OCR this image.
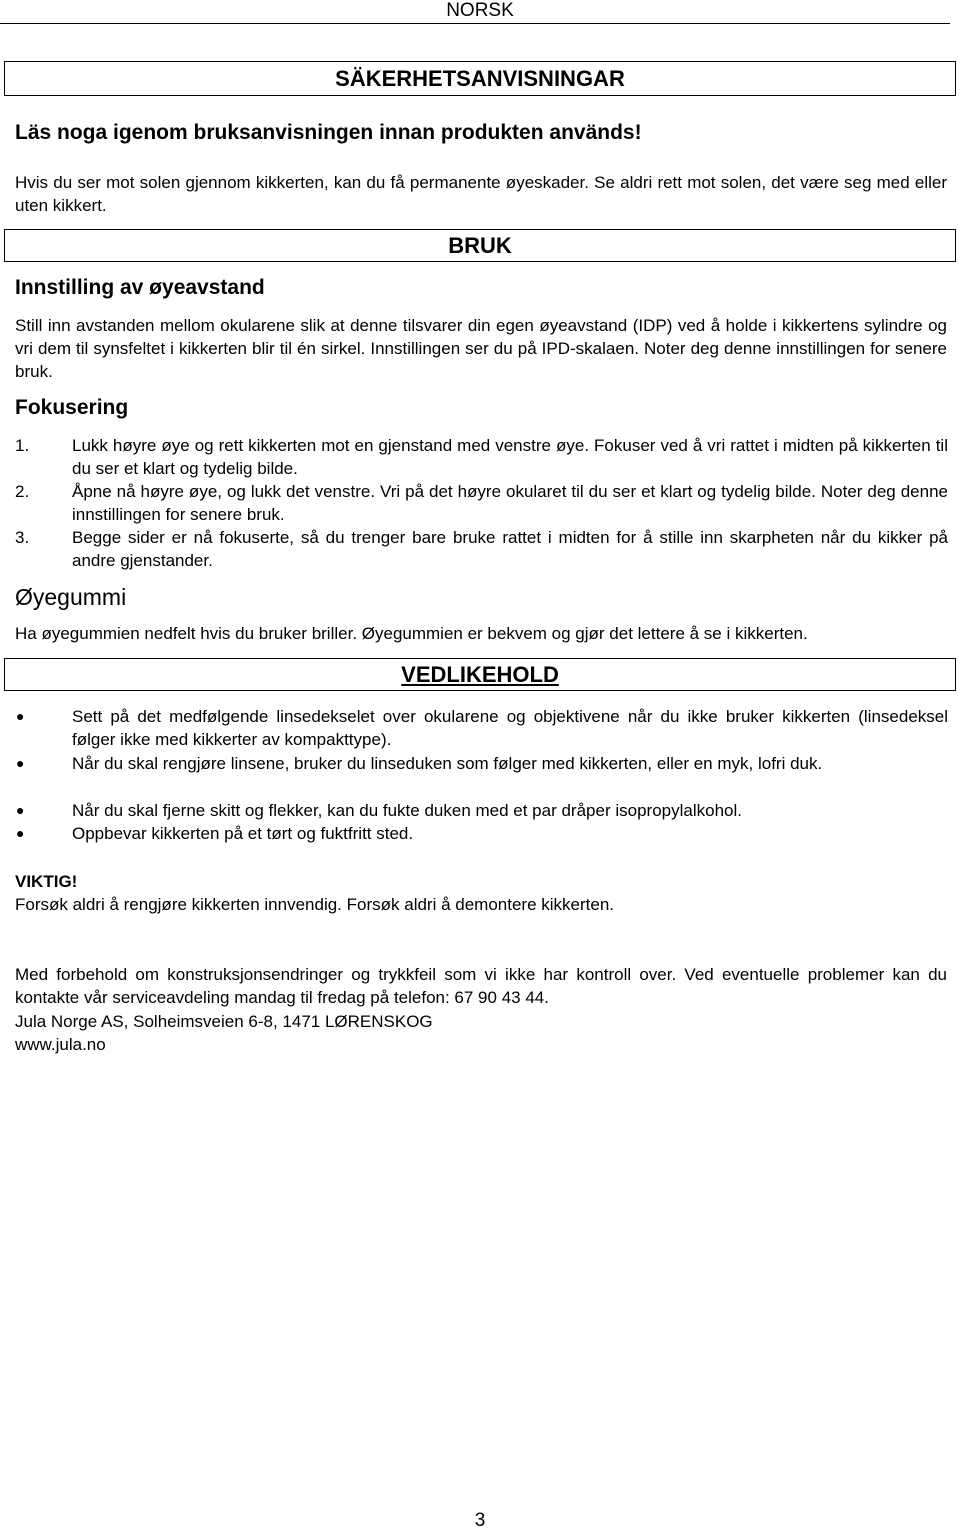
NORSK
SÄKERHETSANVISNINGAR
Läs noga igenom bruksanvisningen innan produkten används!
Hvis du ser mot solen gjennom kikkerten, kan du få permanente øyeskader. Se aldri rett mot solen, det være seg med eller uten kikkert.
BRUK
Innstilling av øyeavstand
Still inn avstanden mellom okularene slik at denne tilsvarer din egen øyeavstand (IDP) ved å holde i kikkertens sylindre og vri dem til synsfeltet i kikkerten blir til én sirkel. Innstillingen ser du på IPD-skalaen. Noter deg denne innstillingen for senere bruk.
Fokusering
1.	Lukk høyre øye og rett kikkerten mot en gjenstand med venstre øye. Fokuser ved å vri rattet i midten på kikkerten til du ser et klart og tydelig bilde.
2.	Åpne nå høyre øye, og lukk det venstre. Vri på det høyre okularet til du ser et klart og tydelig bilde. Noter deg denne innstillingen for senere bruk.
3.	Begge sider er nå fokuserte, så du trenger bare bruke rattet i midten for å stille inn skarpheten når du kikker på andre gjenstander.
Øyegummi
Ha øyegummien nedfelt hvis du bruker briller. Øyegummien er bekvem og gjør det lettere å se i kikkerten.
VEDLIKEHOLD
●	Sett på det medfølgende linsedekselet over okularene og objektivene når du ikke bruker kikkerten (linsedeksel følger ikke med kikkerter av kompakttype).
●	Når du skal rengjøre linsene, bruker du linseduken som følger med kikkerten, eller en myk, lofri duk.
●	Når du skal fjerne skitt og flekker, kan du fukte duken med et par dråper isopropylalkohol.
●	Oppbevar kikkerten på et tørt og fuktfritt sted.
VIKTIG!
Forsøk aldri å rengjøre kikkerten innvendig. Forsøk aldri å demontere kikkerten.
Med forbehold om konstruksjonsendringer og trykkfeil som vi ikke har kontroll over. Ved eventuelle problemer kan du kontakte vår serviceavdeling mandag til fredag på telefon: 67 90 43 44.
Jula Norge AS, Solheimsveien 6-8, 1471 LØRENSKOG
www.jula.no
3
